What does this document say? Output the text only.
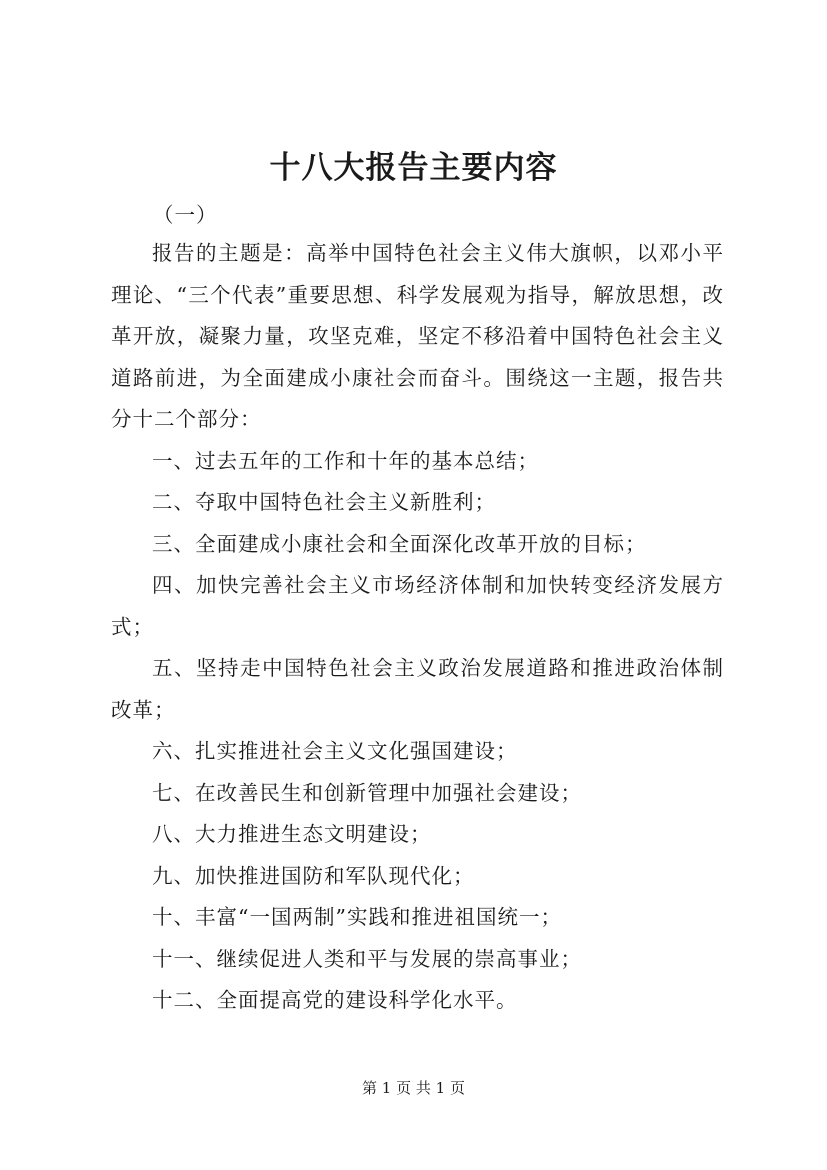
十八大报告主要内容

（一）

报告的主题是：高举中国特色社会主义伟大旗帜，以邓小平理论、“三个代表”重要思想、科学发展观为指导，解放思想，改革开放，凝聚力量，攻坚克难，坚定不移沿着中国特色社会主义道路前进，为全面建成小康社会而奋斗。围绕这一主题，报告共分十二个部分：

一、过去五年的工作和十年的基本总结；

二、夺取中国特色社会主义新胜利；

三、全面建成小康社会和全面深化改革开放的目标；

四、加快完善社会主义市场经济体制和加快转变经济发展方式；

五、坚持走中国特色社会主义政治发展道路和推进政治体制改革；

六、扎实推进社会主义文化强国建设；

七、在改善民生和创新管理中加强社会建设；

八、大力推进生态文明建设；

九、加快推进国防和军队现代化；

十、丰富“一国两制”实践和推进祖国统一；

十一、继续促进人类和平与发展的崇高事业；

十二、全面提高党的建设科学化水平。

第 1 页 共 1 页
